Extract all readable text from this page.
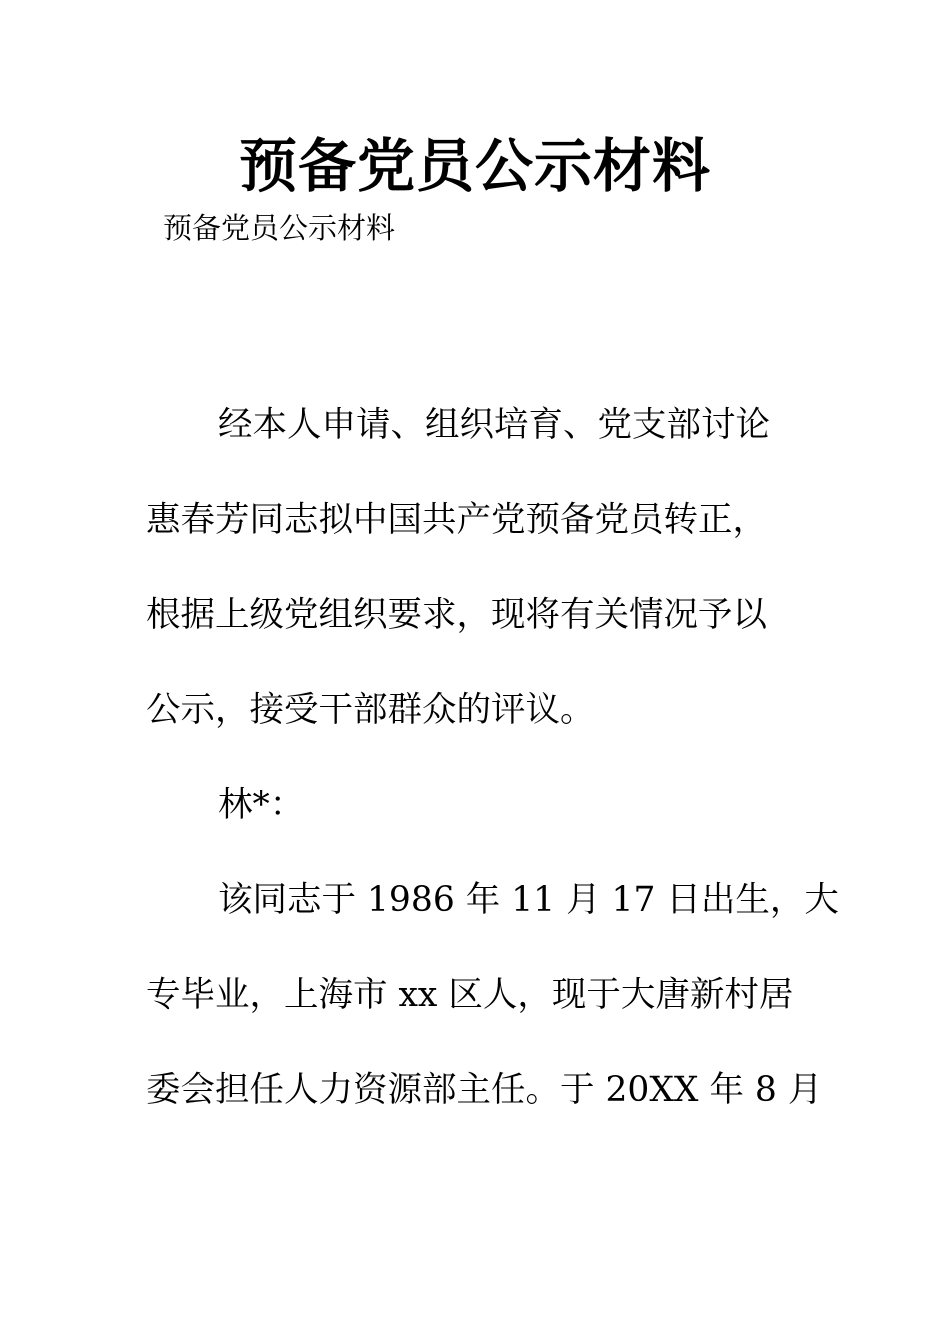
预备党员公示材料

预备党员公示材料

经本人申请、组织培育、党支部讨论
惠春芳同志拟中国共产党预备党员转正，
根据上级党组织要求，现将有关情况予以
公示，接受干部群众的评议。
林*：
该同志于 1986 年 11 月 17 日出生，大
专毕业，上海市 xx 区人，现于大唐新村居
委会担任人力资源部主任。于 20XX 年 8 月
